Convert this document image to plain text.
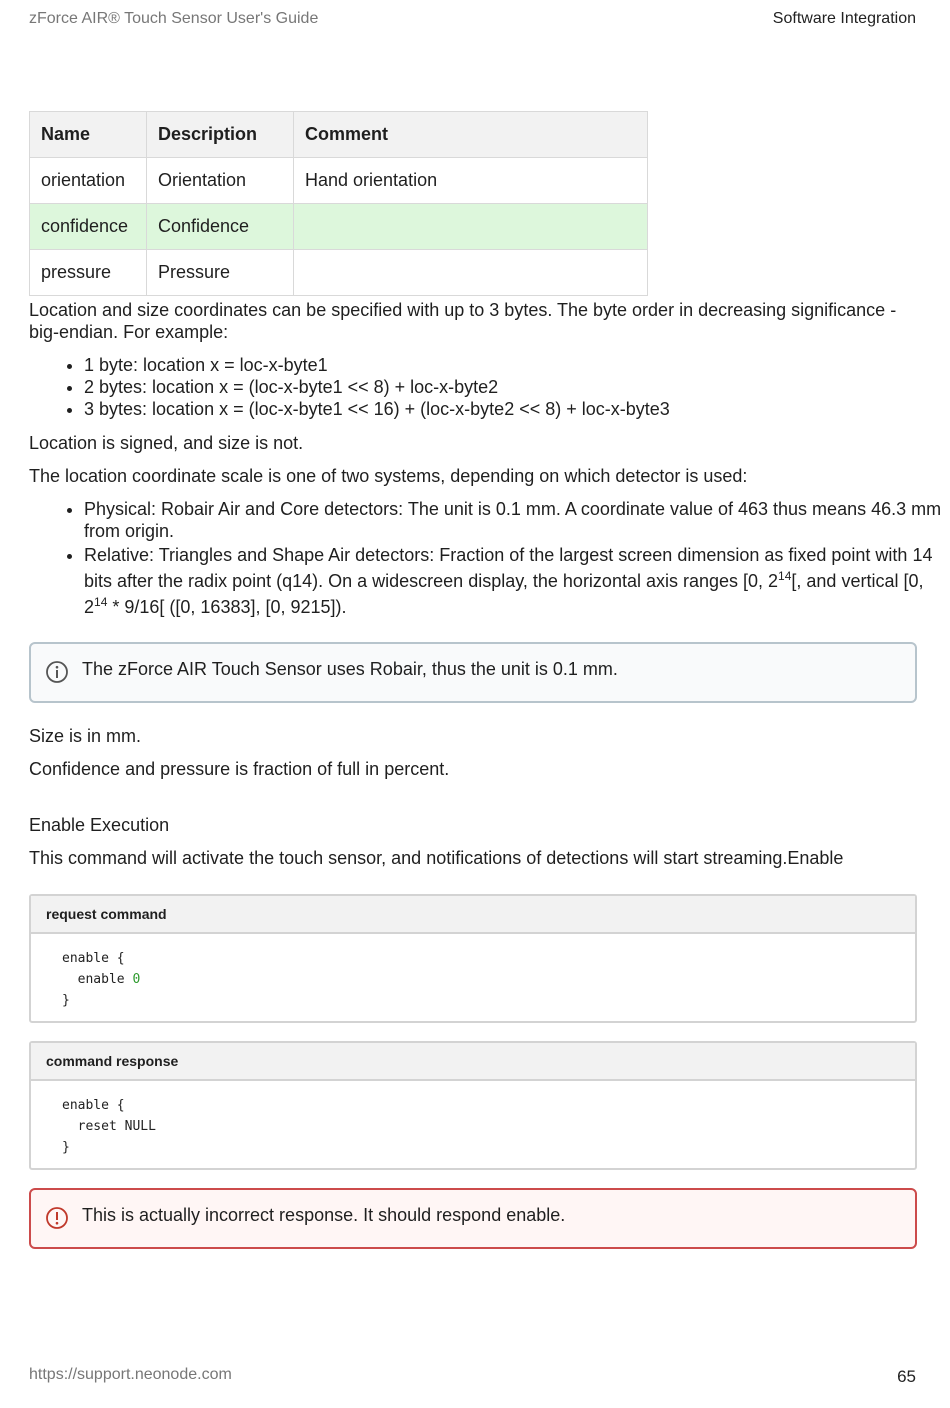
zForce AIR® Touch Sensor User's Guide	Software Integration
Name	Description	Comment
orientation	Orientation	Hand orientation
confidence	Confidence	
pressure	Pressure	
Location and size coordinates can be specified with up to 3 bytes. The byte order in decreasing significance - big-endian. For example:
• 1 byte: location x = loc-x-byte1
• 2 bytes: location x = (loc-x-byte1 << 8) + loc-x-byte2
• 3 bytes: location x = (loc-x-byte1 << 16) + (loc-x-byte2 << 8) + loc-x-byte3
Location is signed, and size is not.
The location coordinate scale is one of two systems, depending on which detector is used:
• Physical: Robair Air and Core detectors: The unit is 0.1 mm. A coordinate value of 463 thus means 46.3 mm from origin.
• Relative: Triangles and Shape Air detectors: Fraction of the largest screen dimension as fixed point with 14 bits after the radix point (q14). On a widescreen display, the horizontal axis ranges [0, $2^{14}$[, and vertical [0, $2^{14} * 9/16$[ ([0, 16383], [0, 9215]).
The zForce AIR Touch Sensor uses Robair, thus the unit is 0.1 mm.
Size is in mm.
Confidence and pressure is fraction of full in percent.
Enable Execution
This command will activate the touch sensor, and notifications of detections will start streaming.Enable
request command
enable {
enable 0
}
command response
enable {
reset NULL
}
This is actually incorrect response. It should respond enable.
https://support.neonode.com	65
